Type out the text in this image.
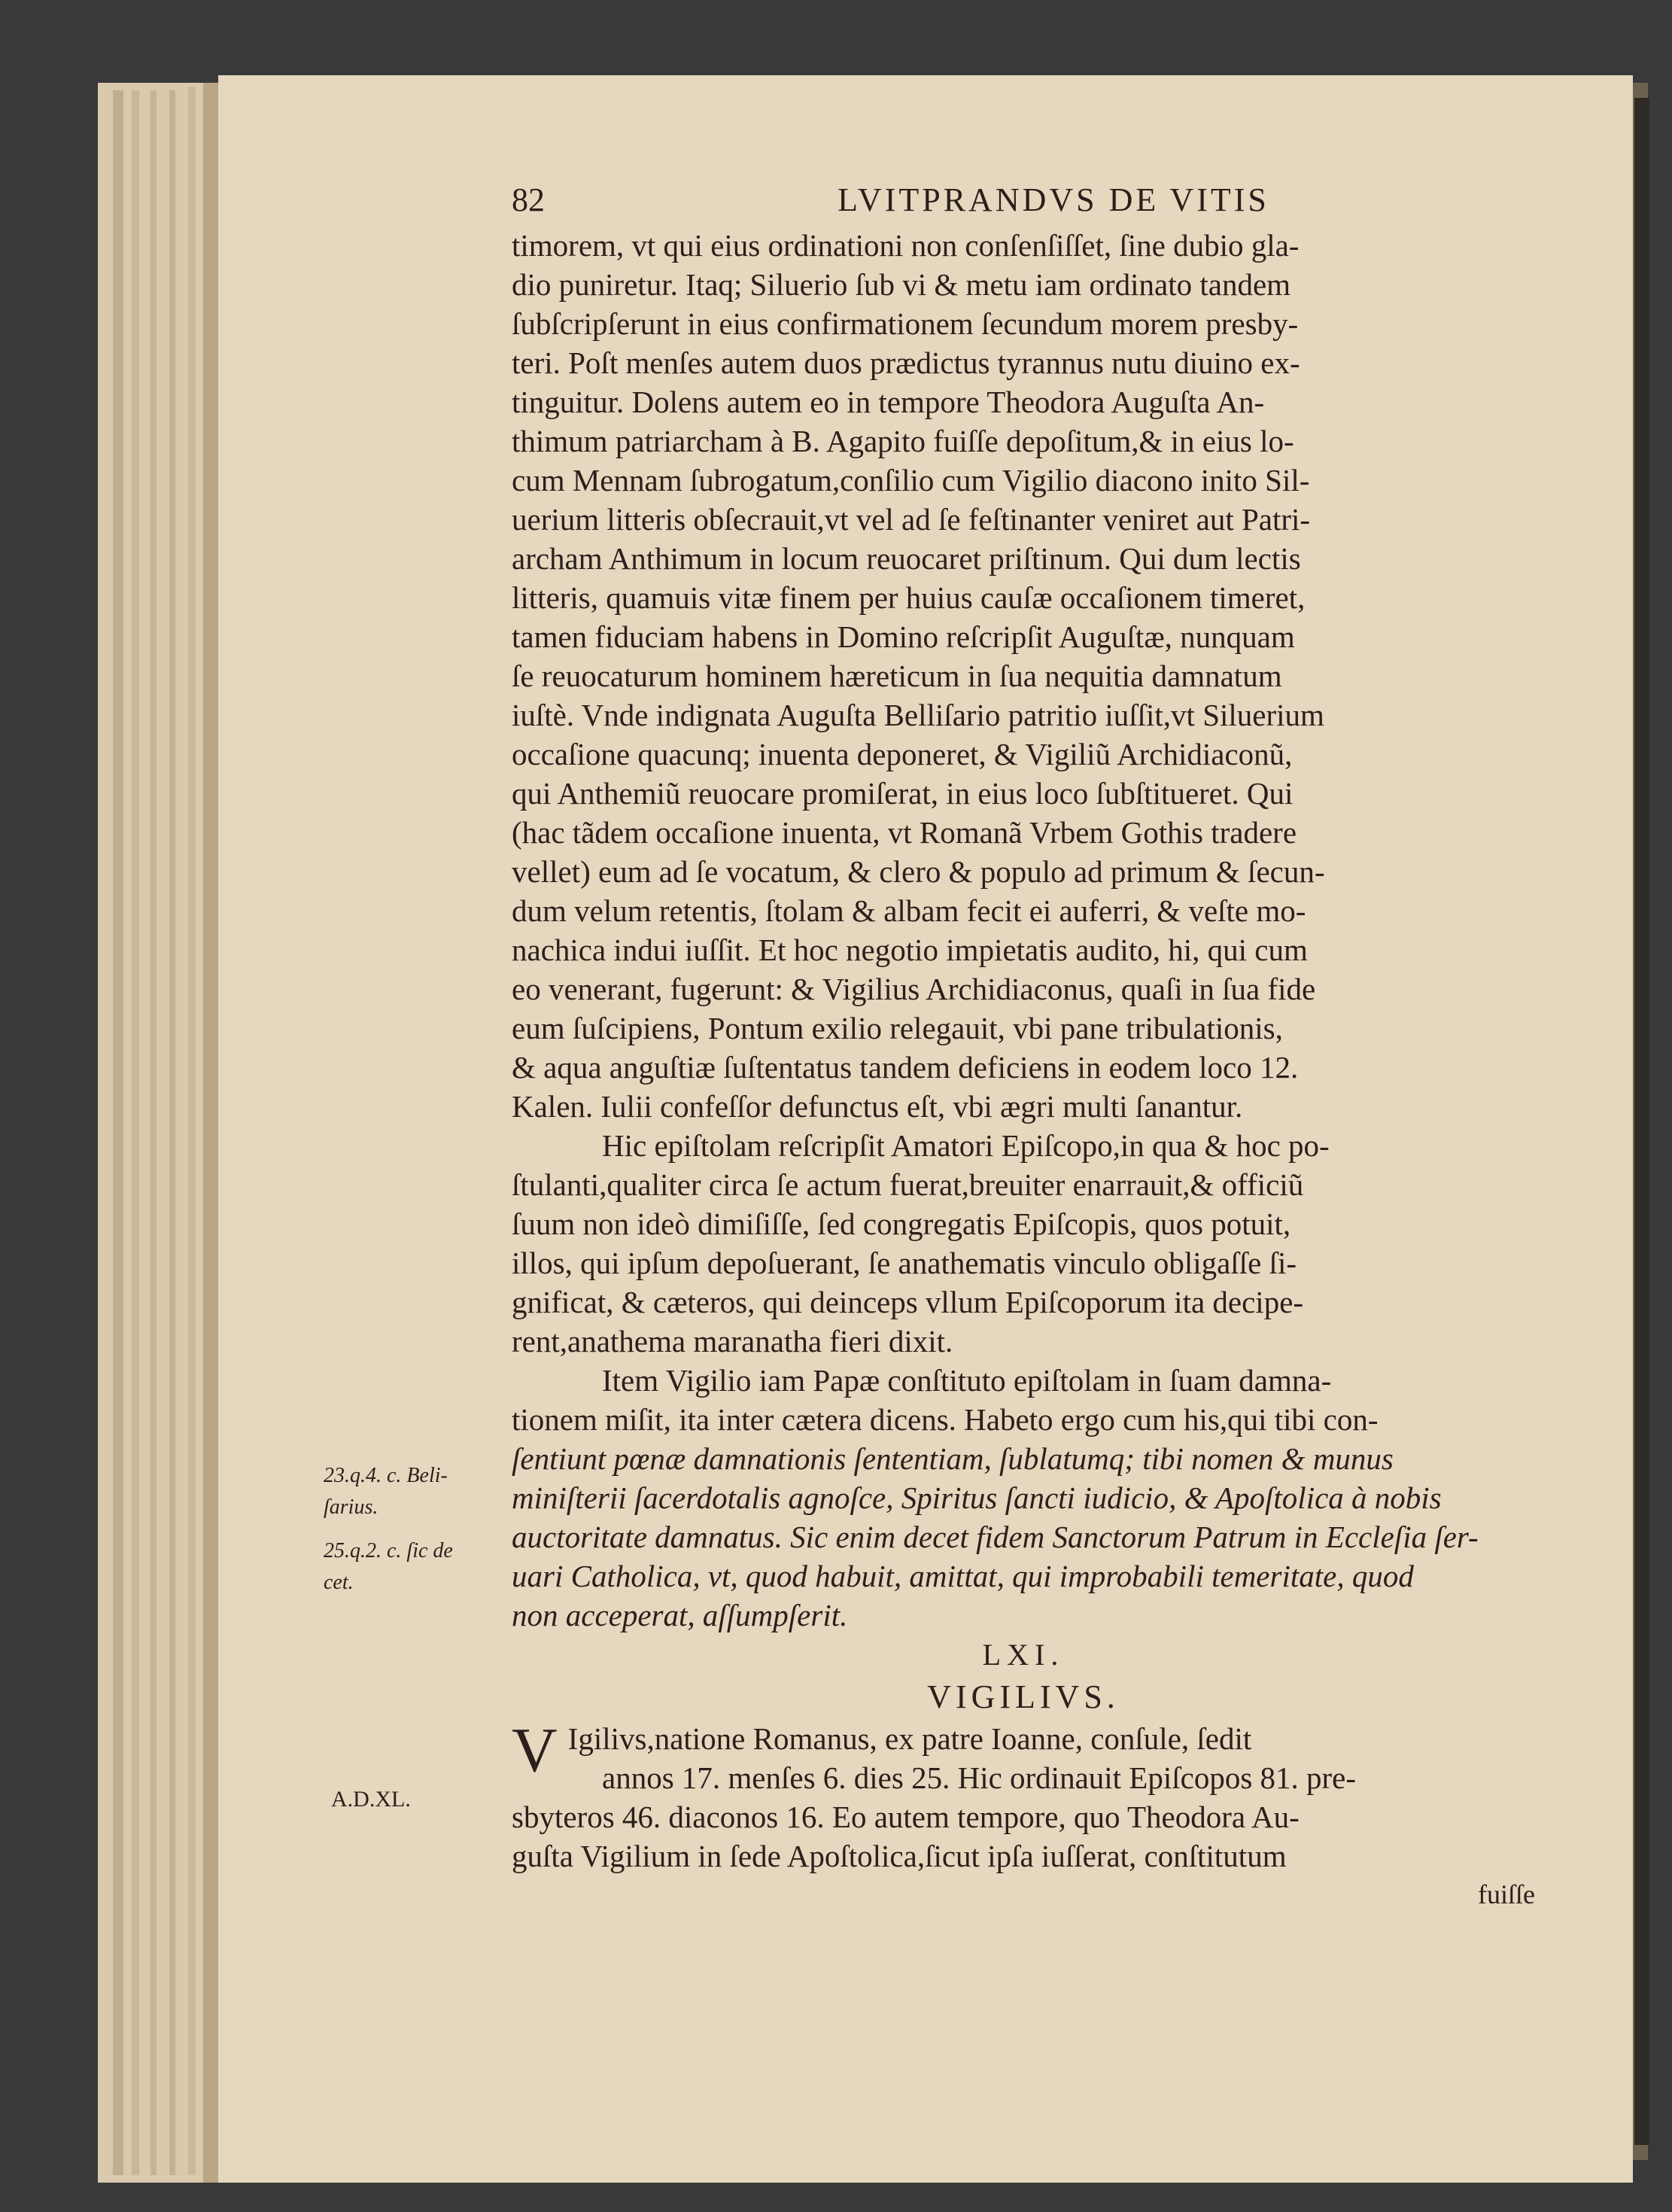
82	LVITPRANDVS DE VITIS
timorem, vt qui eius ordinationi non conſenſiſſet, ſine dubio gla-
dio puniretur. Itaq; Siluerio ſub vi & metu iam ordinato tandem
ſubſcripſerunt in eius confirmationem ſecundum morem presby-
teri. Poſt menſes autem duos prædictus tyrannus nutu diuino ex-
tinguitur. Dolens autem eo in tempore Theodora Auguſta An-
thimum patriarcham à B. Agapito fuiſſe depoſitum,& in eius lo-
cum Mennam ſubrogatum,conſilio cum Vigilio diacono inito Sil-
uerium litteris obſecrauit,vt vel ad ſe feſtinanter veniret aut Patri-
archam Anthimum in locum reuocaret priſtinum. Qui dum lectis
litteris, quamuis vitæ finem per huius cauſæ occaſionem timeret,
tamen fiduciam habens in Domino reſcripſit Auguſtæ, nunquam
ſe reuocaturum hominem hæreticum in ſua nequitia damnatum
iuſtè. Vnde indignata Auguſta Belliſario patritio iuſſit,vt Siluerium
occaſione quacunq; inuenta deponeret, & Vigiliũ Archidiaconũ,
qui Anthemiũ reuocare promiſerat, in eius loco ſubſtitueret. Qui
(hac tãdem occaſione inuenta, vt Romanã Vrbem Gothis tradere
vellet) eum ad ſe vocatum, & clero & populo ad primum & ſecun-
dum velum retentis, ſtolam & albam fecit ei auferri, & veſte mo-
nachica indui iuſſit. Et hoc negotio impietatis audito, hi, qui cum
eo venerant, fugerunt: & Vigilius Archidiaconus, quaſi in ſua fide
eum ſuſcipiens, Pontum exilio relegauit, vbi pane tribulationis,
& aqua anguſtiæ ſuſtentatus tandem deficiens in eodem loco 12.
Kalen. Iulii confeſſor defunctus eſt, vbi ægri multi ſanantur.
Hic epiſtolam reſcripſit Amatori Epiſcopo,in qua & hoc po-
ſtulanti,qualiter circa ſe actum fuerat,breuiter enarrauit,& officiũ
ſuum non ideò dimiſiſſe, ſed congregatis Epiſcopis, quos potuit,
illos, qui ipſum depoſuerant, ſe anathematis vinculo obligaſſe ſi-
gnificat, & cæteros, qui deinceps vllum Epiſcoporum ita decipe-
rent,anathema maranatha fieri dixit.
Item Vigilio iam Papæ conſtituto epiſtolam in ſuam damna-
tionem miſit, ita inter cætera dicens. Habeto ergo cum his,qui tibi con-
ſentiunt pœnæ damnationis ſententiam, ſublatumq; tibi nomen & munus
miniſterii ſacerdotalis agnoſce, Spiritus ſancti iudicio, & Apoſtolica à nobis
auctoritate damnatus. Sic enim decet fidem Sanctorum Patrum in Eccleſia ſer-
uari Catholica, vt, quod habuit, amittat, qui improbabili temeritate, quod
non acceperat, aſſumpſerit.
LXI.
VIGILIVS.
V Igilivs,natione Romanus, ex patre Ioanne, conſule, ſedit
annos 17. menſes 6. dies 25. Hic ordinauit Epiſcopos 81. pre-
sbyteros 46. diaconos 16. Eo autem tempore, quo Theodora Au-
guſta Vigilium in ſede Apoſtolica,ſicut ipſa iuſſerat, conſtitutum
fuiſſe
23.q.4. c. Beli-
ſarius.
25.q.2. c. ſic de
cet.
A.D.XL.
